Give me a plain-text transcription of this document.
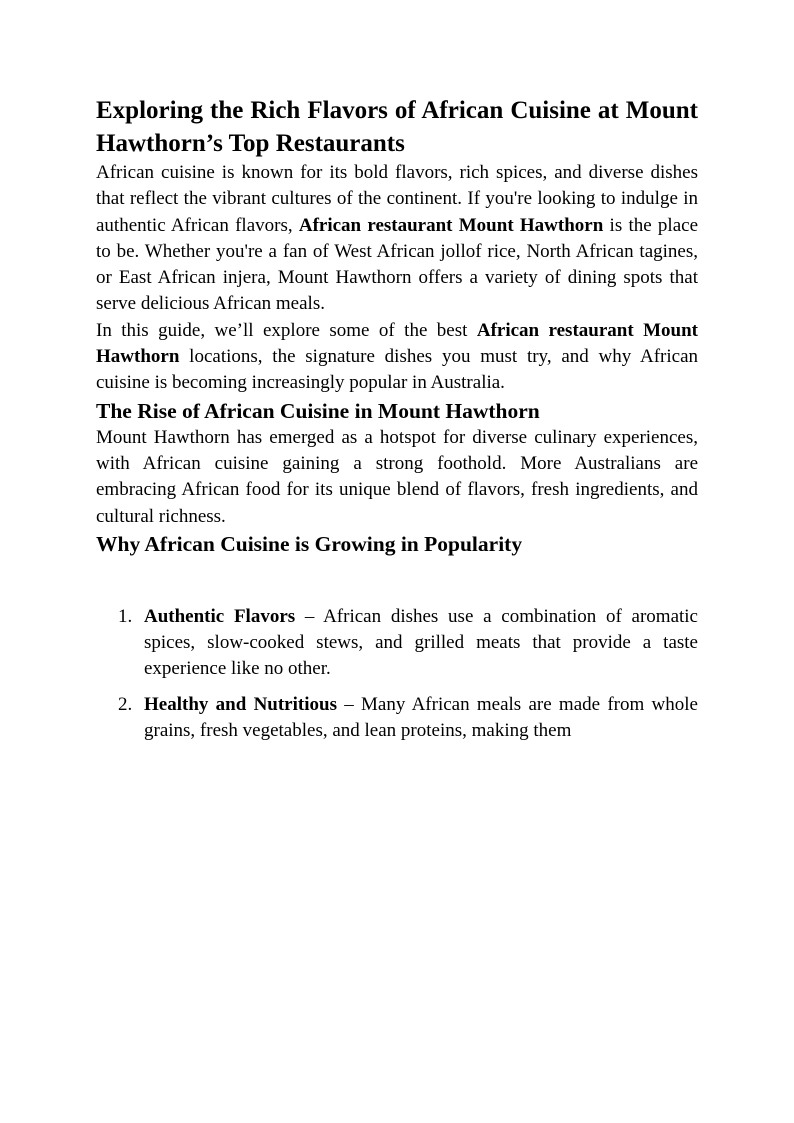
Exploring the Rich Flavors of African Cuisine at Mount Hawthorn’s Top Restaurants

African cuisine is known for its bold flavors, rich spices, and diverse dishes that reflect the vibrant cultures of the continent. If you're looking to indulge in authentic African flavors, African restaurant Mount Hawthorn is the place to be. Whether you're a fan of West African jollof rice, North African tagines, or East African injera, Mount Hawthorn offers a variety of dining spots that serve delicious African meals.

In this guide, we’ll explore some of the best African restaurant Mount Hawthorn locations, the signature dishes you must try, and why African cuisine is becoming increasingly popular in Australia.

The Rise of African Cuisine in Mount Hawthorn

Mount Hawthorn has emerged as a hotspot for diverse culinary experiences, with African cuisine gaining a strong foothold. More Australians are embracing African food for its unique blend of flavors, fresh ingredients, and cultural richness.

Why African Cuisine is Growing in Popularity
1. Authentic Flavors – African dishes use a combination of aromatic spices, slow-cooked stews, and grilled meats that provide a taste experience like no other.
2. Healthy and Nutritious – Many African meals are made from whole grains, fresh vegetables, and lean proteins, making them
